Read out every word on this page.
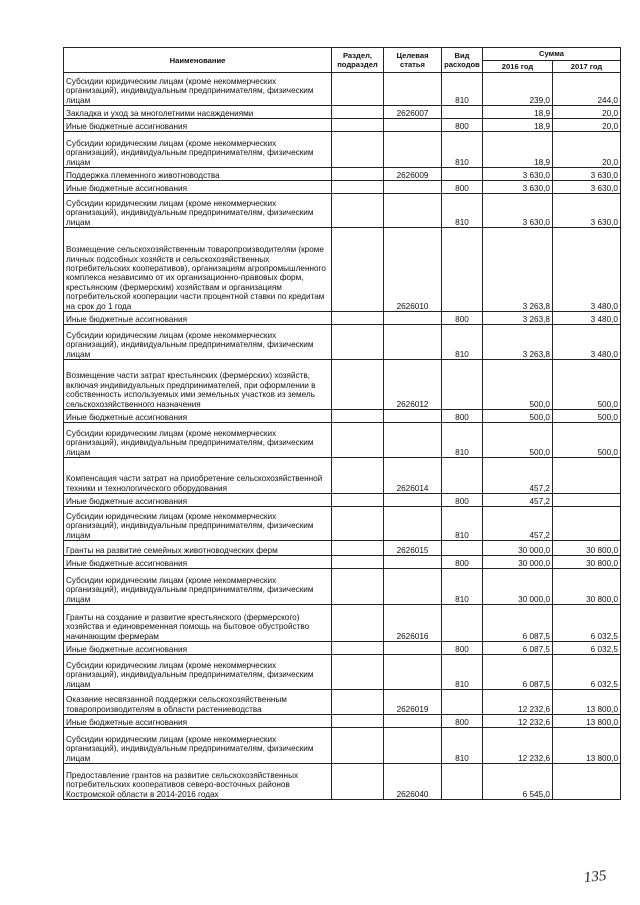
Наименование	Раздел, подраздел	Целевая статья	Вид расходов	Сумма	
				2016 год	2017 год
Субсидии юридическим лицам (кроме некоммерческих организаций), индивидуальным предпринимателям, физическим лицам			810	239,0	244,0
Закладка и уход за многолетними насаждениями		2626007		18,9	20,0
Иные бюджетные ассигнования			800	18,9	20,0
Субсидии юридическим лицам (кроме некоммерческих организаций), индивидуальным предпринимателям, физическим лицам			810	18,9	20,0
Поддержка племенного животноводства		2626009		3 630,0	3 630,0
Иные бюджетные ассигнования			800	3 630,0	3 630,0
Субсидии юридическим лицам (кроме некоммерческих организаций), индивидуальным предпринимателям, физическим лицам			810	3 630,0	3 630,0
Возмещение сельскохозяйственным товаропроизводителям (кроме личных подсобных хозяйств и сельскохозяйственных потребительских кооперативов), организациям агропромышленного комплекса независимо от их организационно-правовых форм, крестьянским (фермерским) хозяйствам и организациям потребительской кооперации части процентной ставки по кредитам на срок до 1 года		2626010		3 263,8	3 480,0
Иные бюджетные ассигнования			800	3 263,8	3 480,0
Субсидии юридическим лицам (кроме некоммерческих организаций), индивидуальным предпринимателям, физическим лицам			810	3 263,8	3 480,0
Возмещение части затрат крестьянских (фермерских) хозяйств, включая индивидуальных предпринимателей, при оформлении в собственность используемых ими земельных участков из земель сельскохозяйственного назначения		2626012		500,0	500,0
Иные бюджетные ассигнования			800	500,0	500,0
Субсидии юридическим лицам (кроме некоммерческих организаций), индивидуальным предпринимателям, физическим лицам			810	500,0	500,0
Компенсация части затрат на приобретение сельскохозяйственной техники и технологического оборудования		2626014		457,2	
Иные бюджетные ассигнования			800	457,2	
Субсидии юридическим лицам (кроме некоммерческих организаций), индивидуальным предпринимателям, физическим лицам			810	457,2	
Гранты на развитие семейных животноводческих ферм		2626015		30 000,0	30 800,0
Иные бюджетные ассигнования			800	30 000,0	30 800,0
Субсидии юридическим лицам (кроме некоммерческих организаций), индивидуальным предпринимателям, физическим лицам			810	30 000,0	30 800,0
Гранты на создание и развитие крестьянского (фермерского) хозяйства и единовременная помощь на бытовое обустройство начинающим фермерам		2626016		6 087,5	6 032,5
Иные бюджетные ассигнования			800	6 087,5	6 032,5
Субсидии юридическим лицам (кроме некоммерческих организаций), индивидуальным предпринимателям, физическим лицам			810	6 087,5	6 032,5
Оказание несвязанной поддержки сельскохозяйственным товаропроизводителям в области растениеводства		2626019		12 232,6	13 800,0
Иные бюджетные ассигнования			800	12 232,6	13 800,0
Субсидии юридическим лицам (кроме некоммерческих организаций), индивидуальным предпринимателям, физическим лицам			810	12 232,6	13 800,0
Предоставление грантов на развитие сельскохозяйственных потребительских кооперативов северо-восточных районов Костромской области в 2014-2016 годах		2626040		6 545,0	
135
